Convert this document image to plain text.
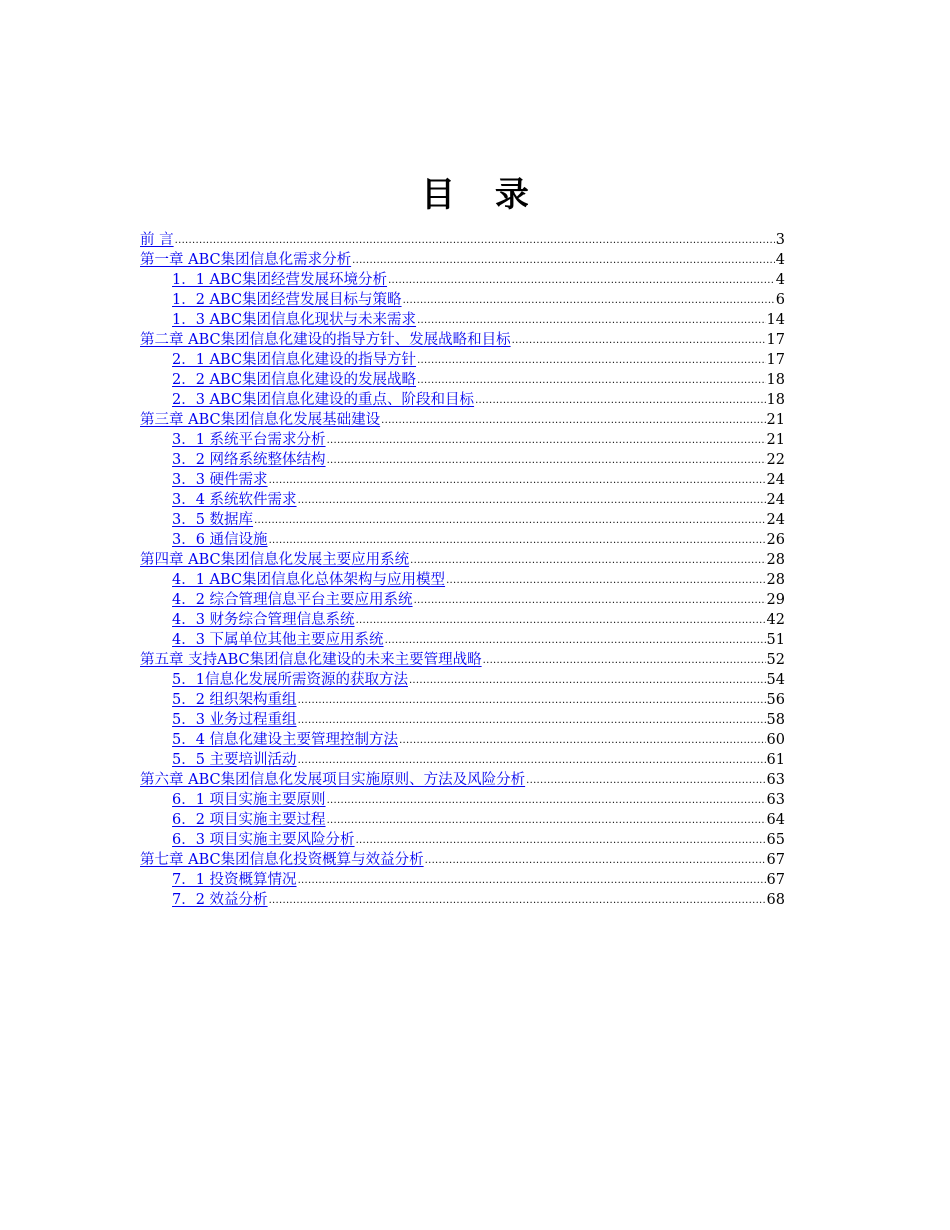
目 录
前 言 .....	3
第一章 ABC集团信息化需求分析 .....	4
1．1 ABC集团经营发展环境分析 .....	4
1．2 ABC集团经营发展目标与策略 .....	6
1．3 ABC集团信息化现状与未来需求 .....	14
第二章 ABC集团信息化建设的指导方针、发展战略和目标 .....	17
2．1 ABC集团信息化建设的指导方针 .....	17
2．2 ABC集团信息化建设的发展战略 .....	18
2．3 ABC集团信息化建设的重点、阶段和目标 .....	18
第三章 ABC集团信息化发展基础建设 .....	21
3．1 系统平台需求分析 .....	21
3．2 网络系统整体结构 .....	22
3．3 硬件需求 .....	24
3．4 系统软件需求 .....	24
3．5 数据库 .....	24
3．6 通信设施 .....	26
第四章 ABC集团信息化发展主要应用系统 .....	28
4．1 ABC集团信息化总体架构与应用模型 .....	28
4．2 综合管理信息平台主要应用系统 .....	29
4．3 财务综合管理信息系统 .....	42
4．3 下属单位其他主要应用系统 .....	51
第五章 支持ABC集团信息化建设的未来主要管理战略 .....	52
5．1信息化发展所需资源的获取方法 .....	54
5．2 组织架构重组 .....	56
5．3 业务过程重组 .....	58
5．4 信息化建设主要管理控制方法 .....	60
5．5 主要培训活动 .....	61
第六章 ABC集团信息化发展项目实施原则、方法及风险分析 .....	63
6．1 项目实施主要原则 .....	63
6．2 项目实施主要过程 .....	64
6．3 项目实施主要风险分析 .....	65
第七章 ABC集团信息化投资概算与效益分析 .....	67
7．1 投资概算情况 .....	67
7．2 效益分析 .....	68
